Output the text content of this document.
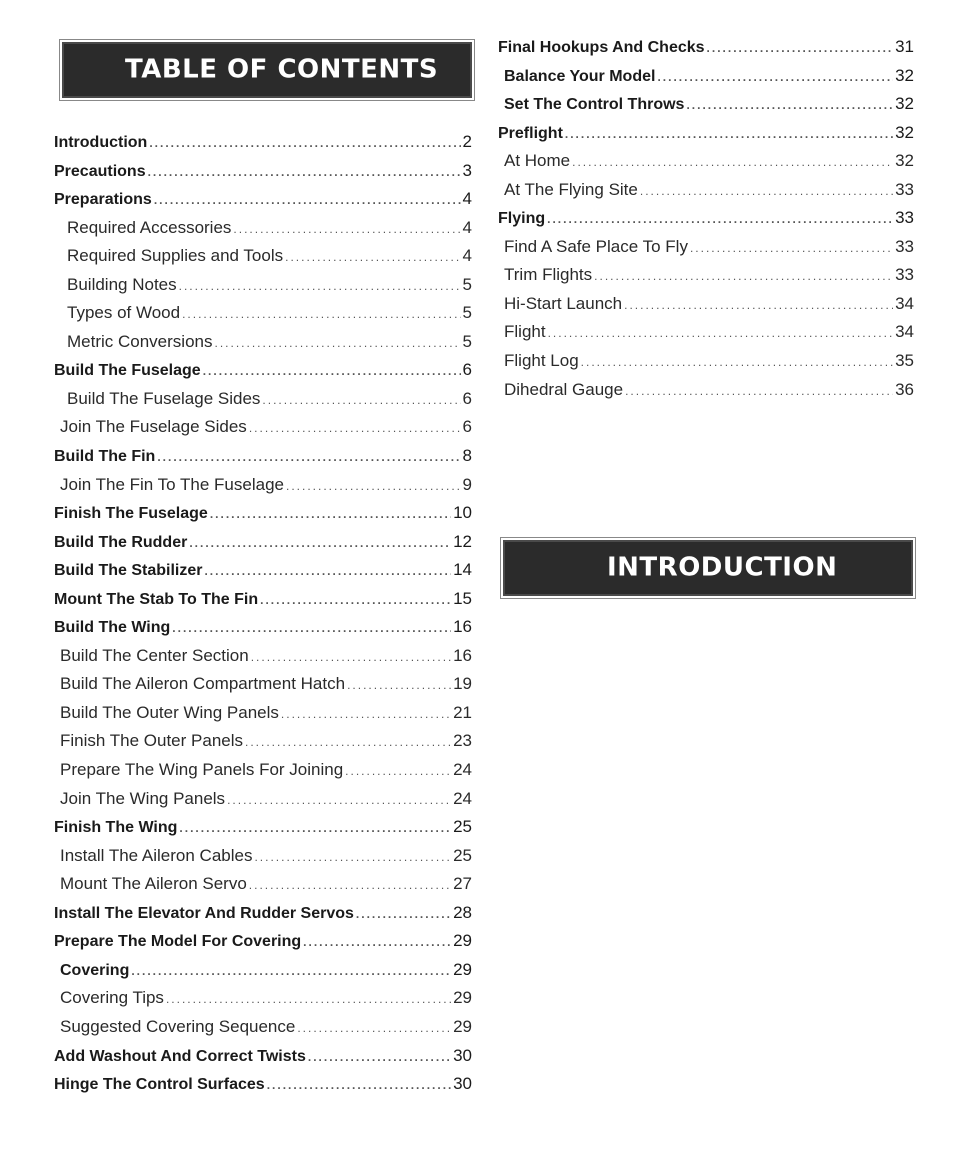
TABLE OF CONTENTS
Introduction .....	2
Precautions .....	3
Preparations .....	4
Required Accessories .....	4
Required Supplies and Tools .....	4
Building Notes .....	5
Types of Wood .....	5
Metric Conversions .....	5
Build The Fuselage .....	6
Build The Fuselage Sides .....	6
Join The Fuselage Sides .....	6
Build The Fin .....	8
Join The Fin To The Fuselage .....	9
Finish The Fuselage .....	10
Build The Rudder .....	12
Build The Stabilizer .....	14
Mount The Stab To The Fin .....	15
Build The Wing .....	16
Build The Center Section .....	16
Build The Aileron Compartment Hatch .....	19
Build The Outer Wing Panels .....	21
Finish The Outer Panels .....	23
Prepare The Wing Panels For Joining .....	24
Join The Wing Panels .....	24
Finish The Wing .....	25
Install The Aileron Cables .....	25
Mount The Aileron Servo .....	27
Install The Elevator And Rudder Servos .....	28
Prepare The Model For Covering .....	29
Covering .....	29
Covering Tips .....	29
Suggested Covering Sequence .....	29
Add Washout And Correct Twists .....	30
Hinge The Control Surfaces .....	30
Final Hookups And Checks .....	31
Balance Your Model .....	32
Set The Control Throws .....	32
Preflight .....	32
At Home .....	32
At The Flying Site .....	33
Flying .....	33
Find A Safe Place To Fly .....	33
Trim Flights .....	33
Hi-Start Launch .....	34
Flight .....	34
Flight Log .....	35
Dihedral Gauge .....	36
INTRODUCTION
